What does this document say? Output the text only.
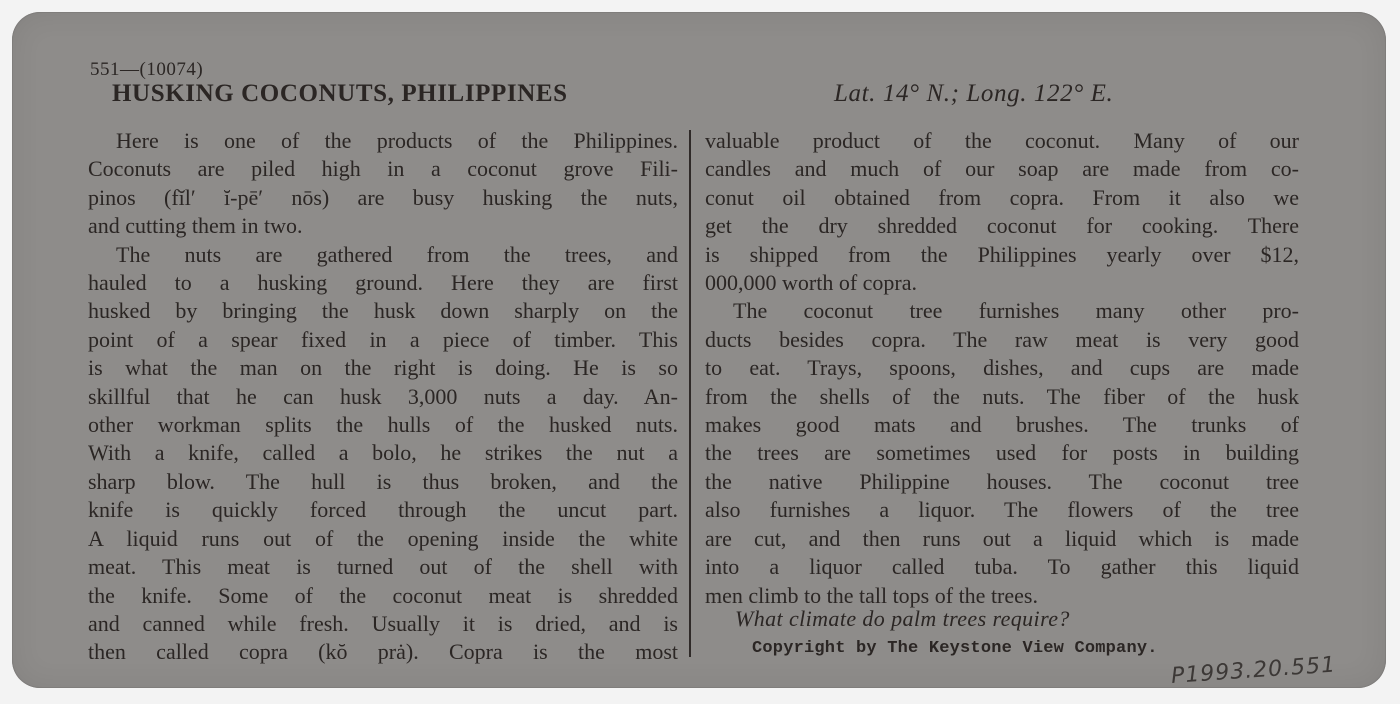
551—(10074)
HUSKING COCONUTS, PHILIPPINES	Lat. 14° N.; Long. 122° E.
Here is one of the products of the Philippines.
Coconuts are piled high in a coconut grove Fili-
pinos (fĭl′ ĭ-pē′ nōs) are busy husking the nuts,
and cutting them in two.
The nuts are gathered from the trees, and
hauled to a husking ground. Here they are first
husked by bringing the husk down sharply on the
point of a spear fixed in a piece of timber. This
is what the man on the right is doing. He is so
skillful that he can husk 3,000 nuts a day. An-
other workman splits the hulls of the husked nuts.
With a knife, called a bolo, he strikes the nut a
sharp blow. The hull is thus broken, and the
knife is quickly forced through the uncut part.
A liquid runs out of the opening inside the white
meat. This meat is turned out of the shell with
the knife. Some of the coconut meat is shredded
and canned while fresh. Usually it is dried, and is
then called copra (kŏ prȧ). Copra is the most
valuable product of the coconut. Many of our
candles and much of our soap are made from co-
conut oil obtained from copra. From it also we
get the dry shredded coconut for cooking. There
is shipped from the Philippines yearly over $12,
000,000 worth of copra.
The coconut tree furnishes many other pro-
ducts besides copra. The raw meat is very good
to eat. Trays, spoons, dishes, and cups are made
from the shells of the nuts. The fiber of the husk
makes good mats and brushes. The trunks of
the trees are sometimes used for posts in building
the native Philippine houses. The coconut tree
also furnishes a liquor. The flowers of the tree
are cut, and then runs out a liquid which is made
into a liquor called tuba. To gather this liquid
men climb to the tall tops of the trees.
What climate do palm trees require?
Copyright by The Keystone View Company.
P1993.20.551
